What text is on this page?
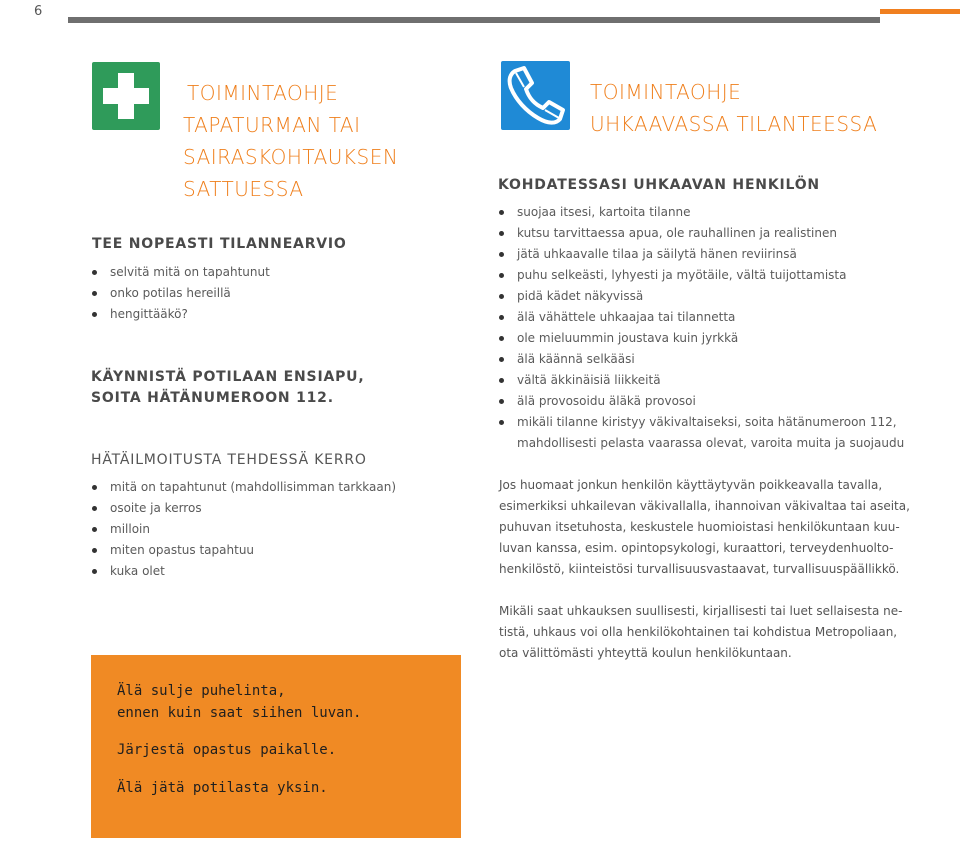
6
TOIMINTAOHJE
TAPATURMAN TAI
SAIRASKOHTAUKSEN
SATTUESSA
TEE NOPEASTI TILANNEARVIO
selvitä mitä on tapahtunut
onko potilas hereillä
hengittääkö?
KÄYNNISTÄ POTILAAN ENSIAPU,
SOITA HÄTÄNUMEROON 112.
HÄTÄILMOITUSTA TEHDESSÄ KERRO
mitä on tapahtunut (mahdollisimman tarkkaan)
osoite ja kerros
milloin
miten opastus tapahtuu
kuka olet

Älä sulje puhelinta,

ennen kuin saat siihen luvan.

Järjestä opastus paikalle.

Älä jätä potilasta yksin.

TOIMINTAOHJE
UHKAAVASSA TILANTEESSA
KOHDATESSASI UHKAAVAN HENKILÖN
suojaa itsesi, kartoita tilanne
kutsu tarvittaessa apua, ole rauhallinen ja realistinen
jätä uhkaavalle tilaa ja säilytä hänen reviirinsä
puhu selkeästi, lyhyesti ja myötäile, vältä tuijottamista
pidä kädet näkyvissä
älä vähättele uhkaajaa tai tilannetta
ole mieluummin joustava kuin jyrkkä
älä käännä selkääsi
vältä äkkinäisiä liikkeitä
älä provosoidu äläkä provosoi
mikäli tilanne kiristyy väkivaltaiseksi, soita hätänumeroon 112,
mahdollisesti pelasta vaarassa olevat, varoita muita ja suojaudu

Jos huomaat jonkun henkilön käyttäytyvän poikkeavalla tavalla,
esimerkiksi uhkailevan väkivallalla, ihannoivan väkivaltaa tai aseita,
puhuvan itsetuhosta, keskustele huomioistasi henkilökuntaan kuu-
luvan kanssa, esim. opintopsykologi, kuraattori, terveydenhuolto-
henkilöstö, kiinteistösi turvallisuusvastaavat, turvallisuuspäällikkö.

Mikäli saat uhkauksen suullisesti, kirjallisesti tai luet sellaisesta ne-
tistä, uhkaus voi olla henkilökohtainen tai kohdistua Metropoliaan,
ota välittömästi yhteyttä koulun henkilökuntaan.
